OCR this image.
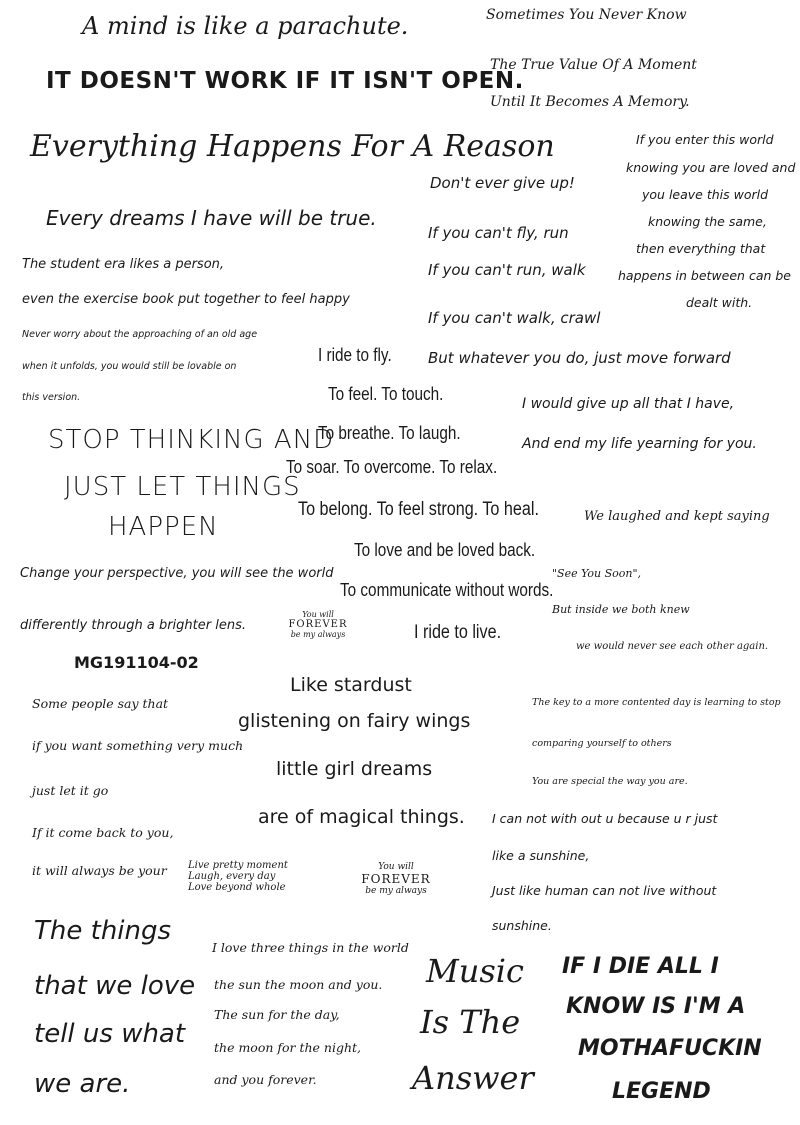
A mind is like a parachute.
IT DOESN'T WORK IF IT ISN'T OPEN.
Everything Happens For A Reason
Every dreams I have will be true.
The student era likes a person,
even the exercise book put together to feel happy
Never worry about the approaching of an old age
when it unfolds, you would still be lovable on
this version.
STOP THINKING AND
JUST LET THINGS
HAPPEN
Change your perspective, you will see the world
differently through a brighter lens.
MG191104-02
Sometimes You Never Know
The True Value Of A Moment
Until It Becomes A Memory.
If you enter this world
knowing you are loved and
you leave this world
knowing the same,
then everything that
happens in between can be
dealt with.
Don't ever give up!
If you can't fly, run
If you can't run, walk
If you can't walk, crawl
But whatever you do, just move forward
I would give up all that I have,
And end my life yearning for you.
I ride to fly.
To feel. To touch.
To breathe. To laugh.
To soar. To overcome. To relax.
To belong. To feel strong. To heal.
To love and be loved back.
To communicate without words.
I ride to live.
You will
FOREVER
be my always
We laughed and kept saying
"See You Soon",
But inside we both knew
we would never see each other again.
Like stardust
glistening on fairy wings
little girl dreams
are of magical things.
Some people say that
if you want something very much
just let it go
If it come back to you,
it will always be your
The key to a more contented day is learning to stop
comparing yourself to others
You are special the way you are.
I can not with out u because u r just
like a sunshine,
Just like human can not live without
sunshine.
Live pretty moment
Laugh, every day
Love beyond whole
You will
FOREVER
be my always
The things
that we love
tell us what
we are.
I love three things in the world
the sun the moon and you.
The sun for the day,
the moon for the night,
and you forever.
Music
Is The
Answer
IF I DIE ALL I
KNOW IS I'M A
MOTHAFUCKIN
LEGEND
